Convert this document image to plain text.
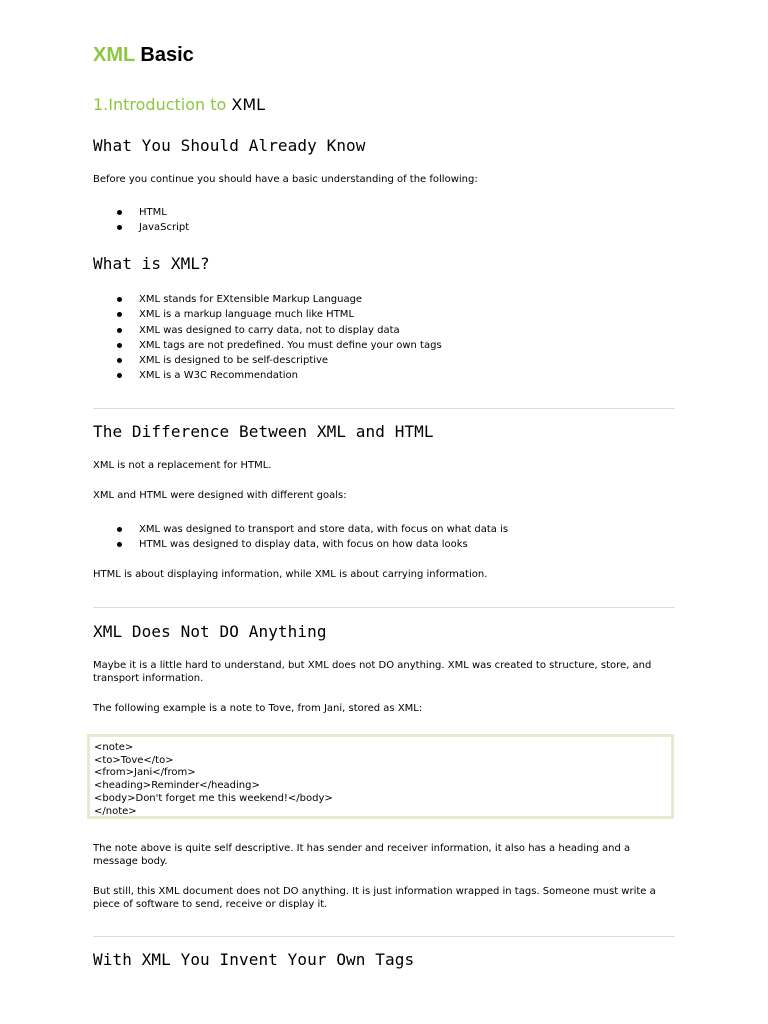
XML Basic
1.Introduction to XML
What You Should Already Know

Before you continue you should have a basic understanding of the following:

HTML
JavaScript
What is XML?
XML stands for EXtensible Markup Language
XML is a markup language much like HTML
XML was designed to carry data, not to display data
XML tags are not predefined. You must define your own tags
XML is designed to be self-descriptive
XML is a W3C Recommendation
The Difference Between XML and HTML

XML is not a replacement for HTML.

XML and HTML were designed with different goals:

XML was designed to transport and store data, with focus on what data is
HTML was designed to display data, with focus on how data looks

HTML is about displaying information, while XML is about carrying information.

XML Does Not DO Anything

Maybe it is a little hard to understand, but XML does not DO anything. XML was created to structure, store, and transport information.

The following example is a note to Tove, from Jani, stored as XML:

<note>
<to>Tove</to>
<from>Jani</from>
<heading>Reminder</heading>
<body>Don't forget me this weekend!</body>
</note>

The note above is quite self descriptive. It has sender and receiver information, it also has a heading and a message body.

But still, this XML document does not DO anything. It is just information wrapped in tags. Someone must write a piece of software to send, receive or display it.

With XML You Invent Your Own Tags
